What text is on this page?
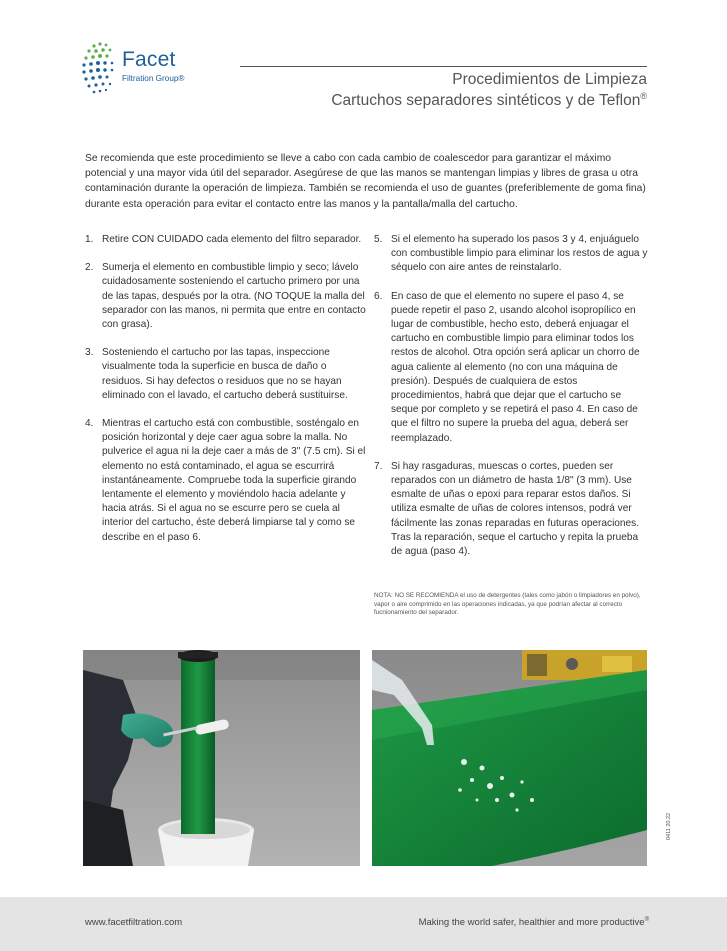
Facet
Filtration Group®	Procedimientos de Limpieza
Cartuchos separadores sintéticos y de Teflon®

Se recomienda que este procedimiento se lleve a cabo con cada cambio de coalescedor para garantizar el máximo potencial y una mayor vida útil del separador. Asegúrese de que las manos se mantengan limpias y libres de grasa u otra contaminación durante la operación de limpieza. También se recomienda el uso de guantes (preferiblemente de goma fina) durante esta operación para evitar el contacto entre las manos y la pantalla/malla del cartucho.

1. Retire CON CUIDADO cada elemento del filtro separador.
2. Sumerja el elemento en combustible limpio y seco; lávelo cuidadosamente sosteniendo el cartucho primero por una de las tapas, después por la otra. (NO TOQUE la malla del separador con las manos, ni permita que entre en contacto con grasa).
3. Sosteniendo el cartucho por las tapas, inspeccione visualmente toda la superficie en busca de daño o residuos. Si hay defectos o residuos que no se hayan eliminado con el lavado, el cartucho deberá sustituirse.
4. Mientras el cartucho está con combustible, sosténgalo en posición horizontal y deje caer agua sobre la malla. No pulverice el agua ni la deje caer a más de 3" (7.5 cm). Si el elemento no está contaminado, el agua se escurrirá instantáneamente. Compruebe toda la superficie girando lentamente el elemento y moviéndolo hacia adelante y hacia atrás. Si el agua no se escurre pero se cuela al interior del cartucho, éste deberá limpiarse tal y como se describe en el paso 6.
5. Si el elemento ha superado los pasos 3 y 4, enjuáguelo con combustible limpio para eliminar los restos de agua y séquelo con aire antes de reinstalarlo.
6. En caso de que el elemento no supere el paso 4, se puede repetir el paso 2, usando alcohol isopropílico en lugar de combustible, hecho esto, deberá enjuagar el cartucho en combustible limpio para eliminar todos los restos de alcohol. Otra opción será aplicar un chorro de agua caliente al elemento (no con una máquina de presión). Después de cualquiera de estos procedimientos, habrá que dejar que el cartucho se seque por completo y se repetirá el paso 4. En caso de que el filtro no supere la prueba del agua, deberá ser reemplazado.
7. Si hay rasgaduras, muescas o cortes, pueden ser reparados con un diámetro de hasta 1/8" (3 mm). Use esmalte de uñas o epoxi para reparar estos daños. Si utiliza esmalte de uñas de colores intensos, podrá ver fácilmente las zonas reparadas en futuras operaciones. Tras la reparación, seque el cartucho y repita la prueba de agua (paso 4).

NOTA: NO SE RECOMIENDA el uso de detergentes (tales como jabón o limpiadores en polvo), vapor o aire comprimido en las operaciones indicadas, ya que podrían afectar al correcto fucnionamiento del separador.

0411 20.22
www.facetfiltration.com	Making the world safer, healthier and more productive®
